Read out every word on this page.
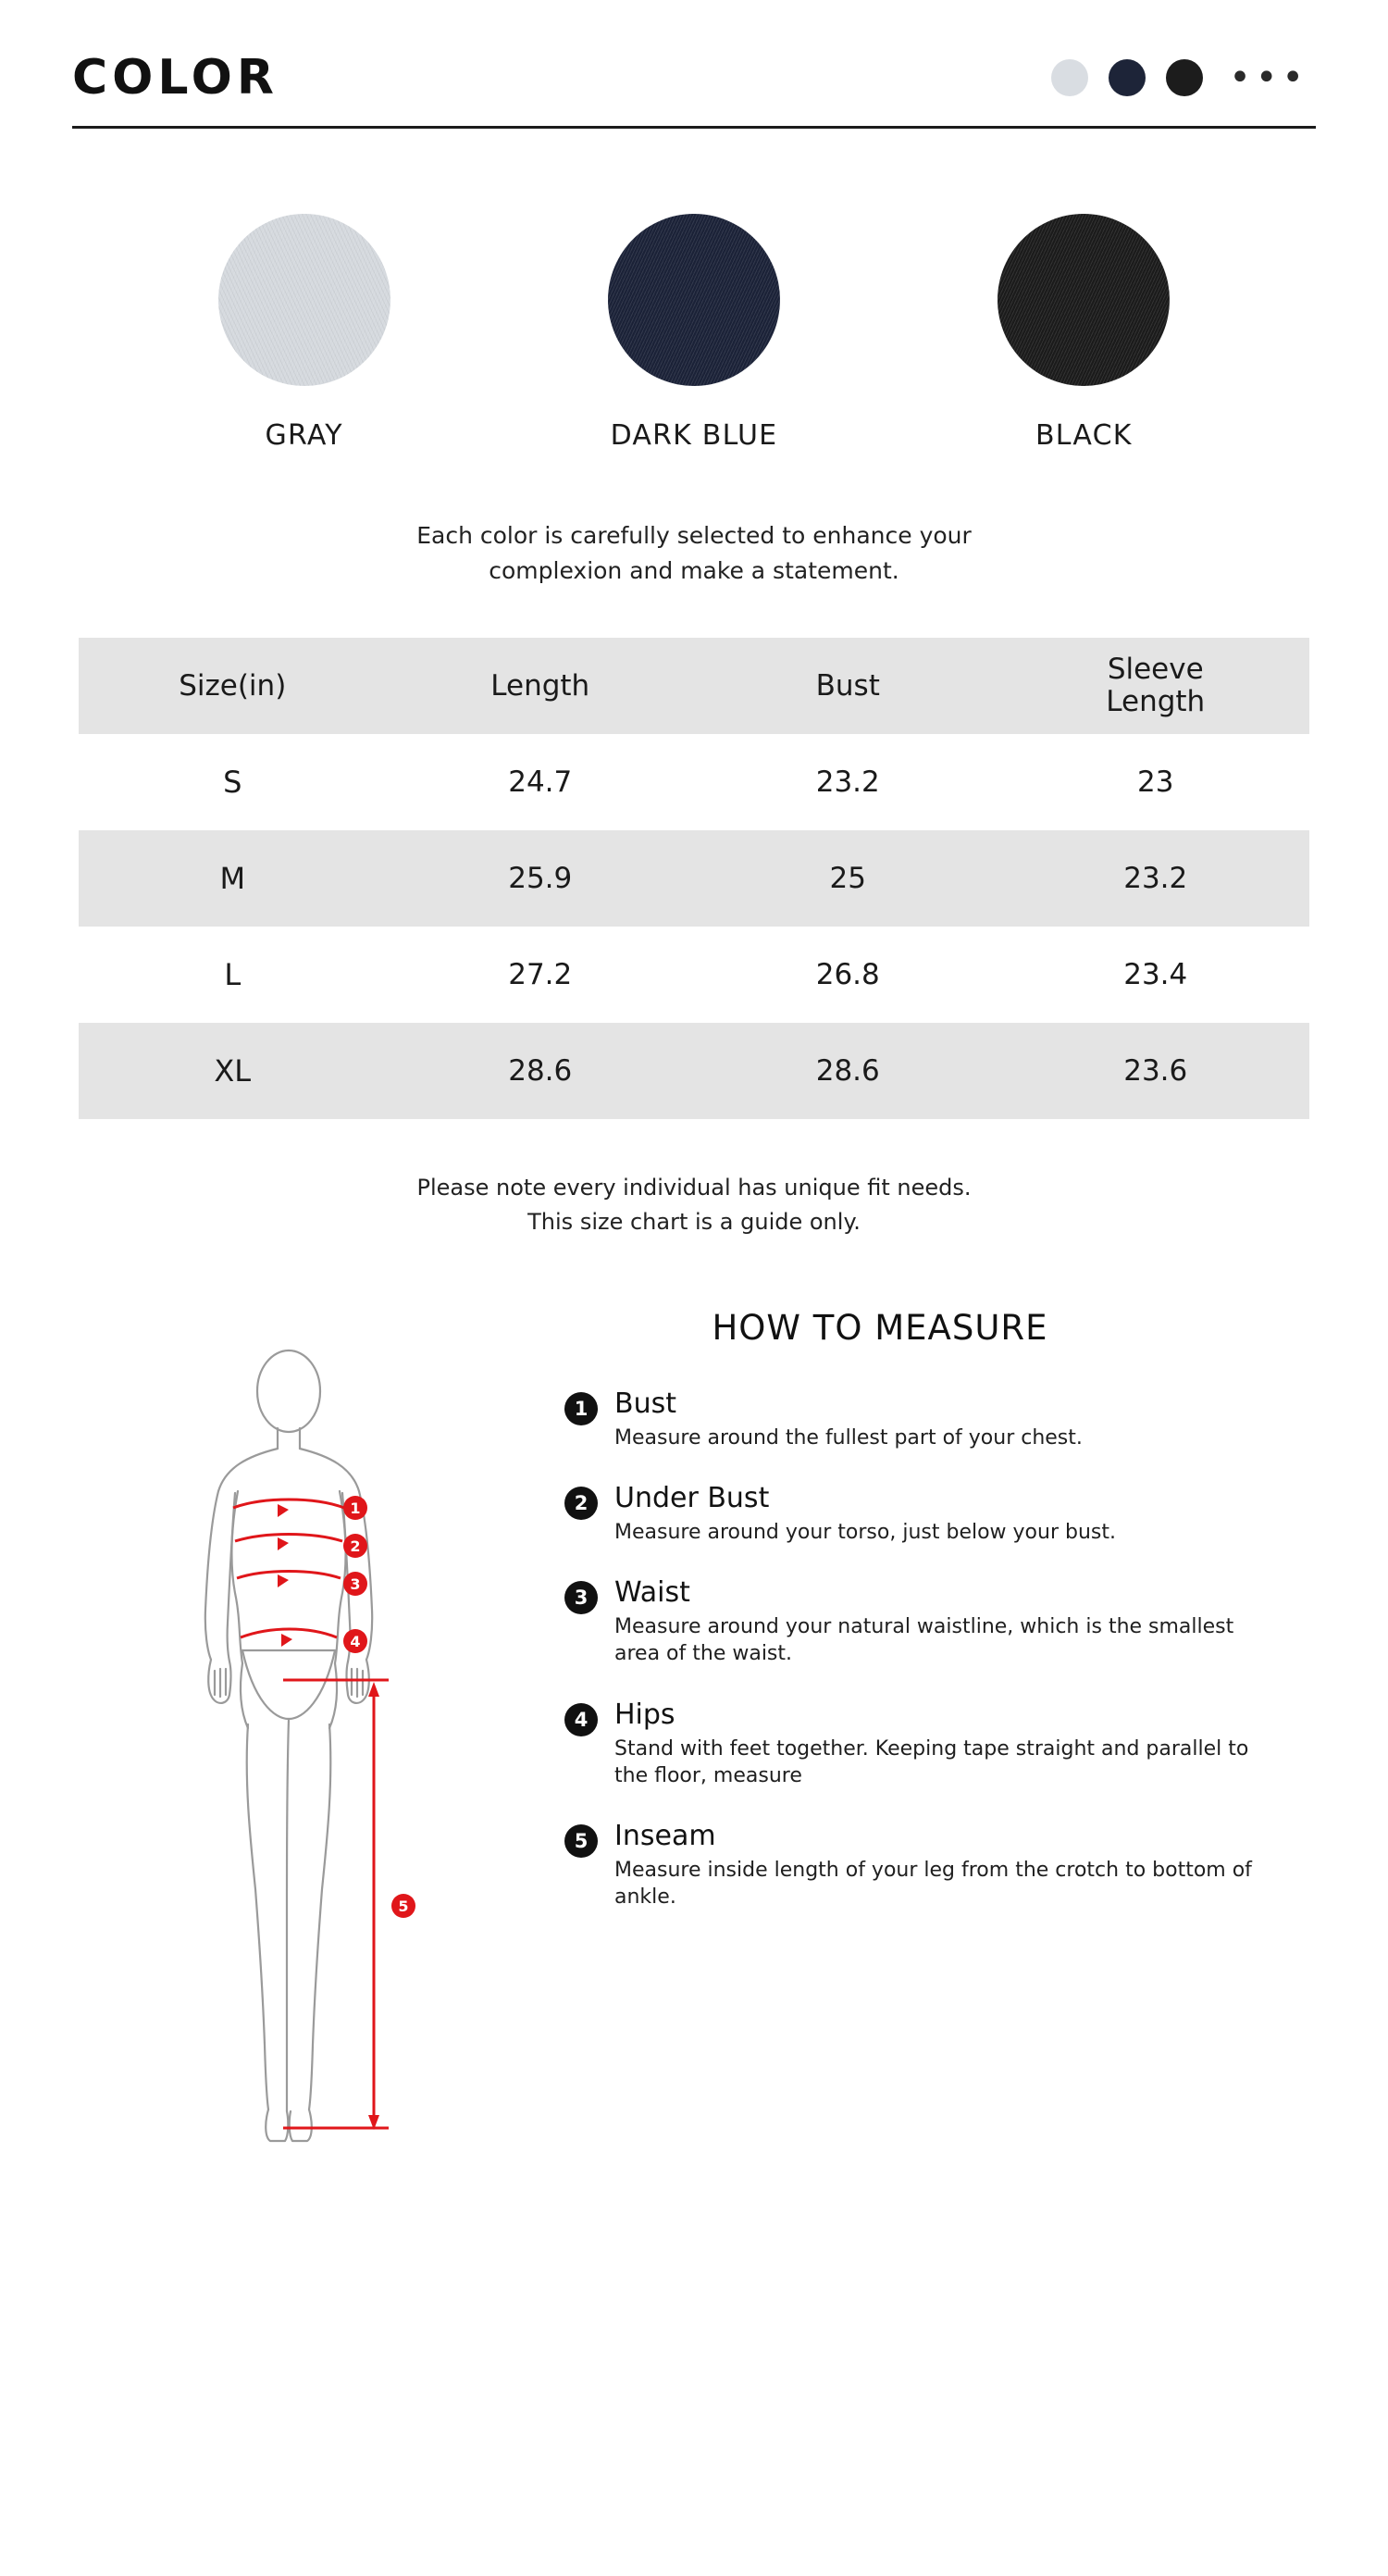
COLOR	•••
GRAY	DARK BLUE	BLACK
Each color is carefully selected to enhance your
complexion and make a statement.
Size(in)	Length	Bust	Sleeve
Length

S	24.7	23.2	23
M	25.9	25	23.2
L	27.2	26.8	23.4
XL	28.6	28.6	23.6
Please note every individual has unique fit needs.
This size chart is a guide only.
1
2
3
4
5
HOW TO MEASURE
1 Bust
Measure around the fullest part of your chest.
2 Under Bust
Measure around your torso, just below your bust.
3 Waist
Measure around your natural waistline, which is the smallest area of the waist.
4 Hips
Stand with feet together. Keeping tape straight and parallel to the floor, measure
5 Inseam
Measure inside length of your leg from the crotch to bottom of ankle.
